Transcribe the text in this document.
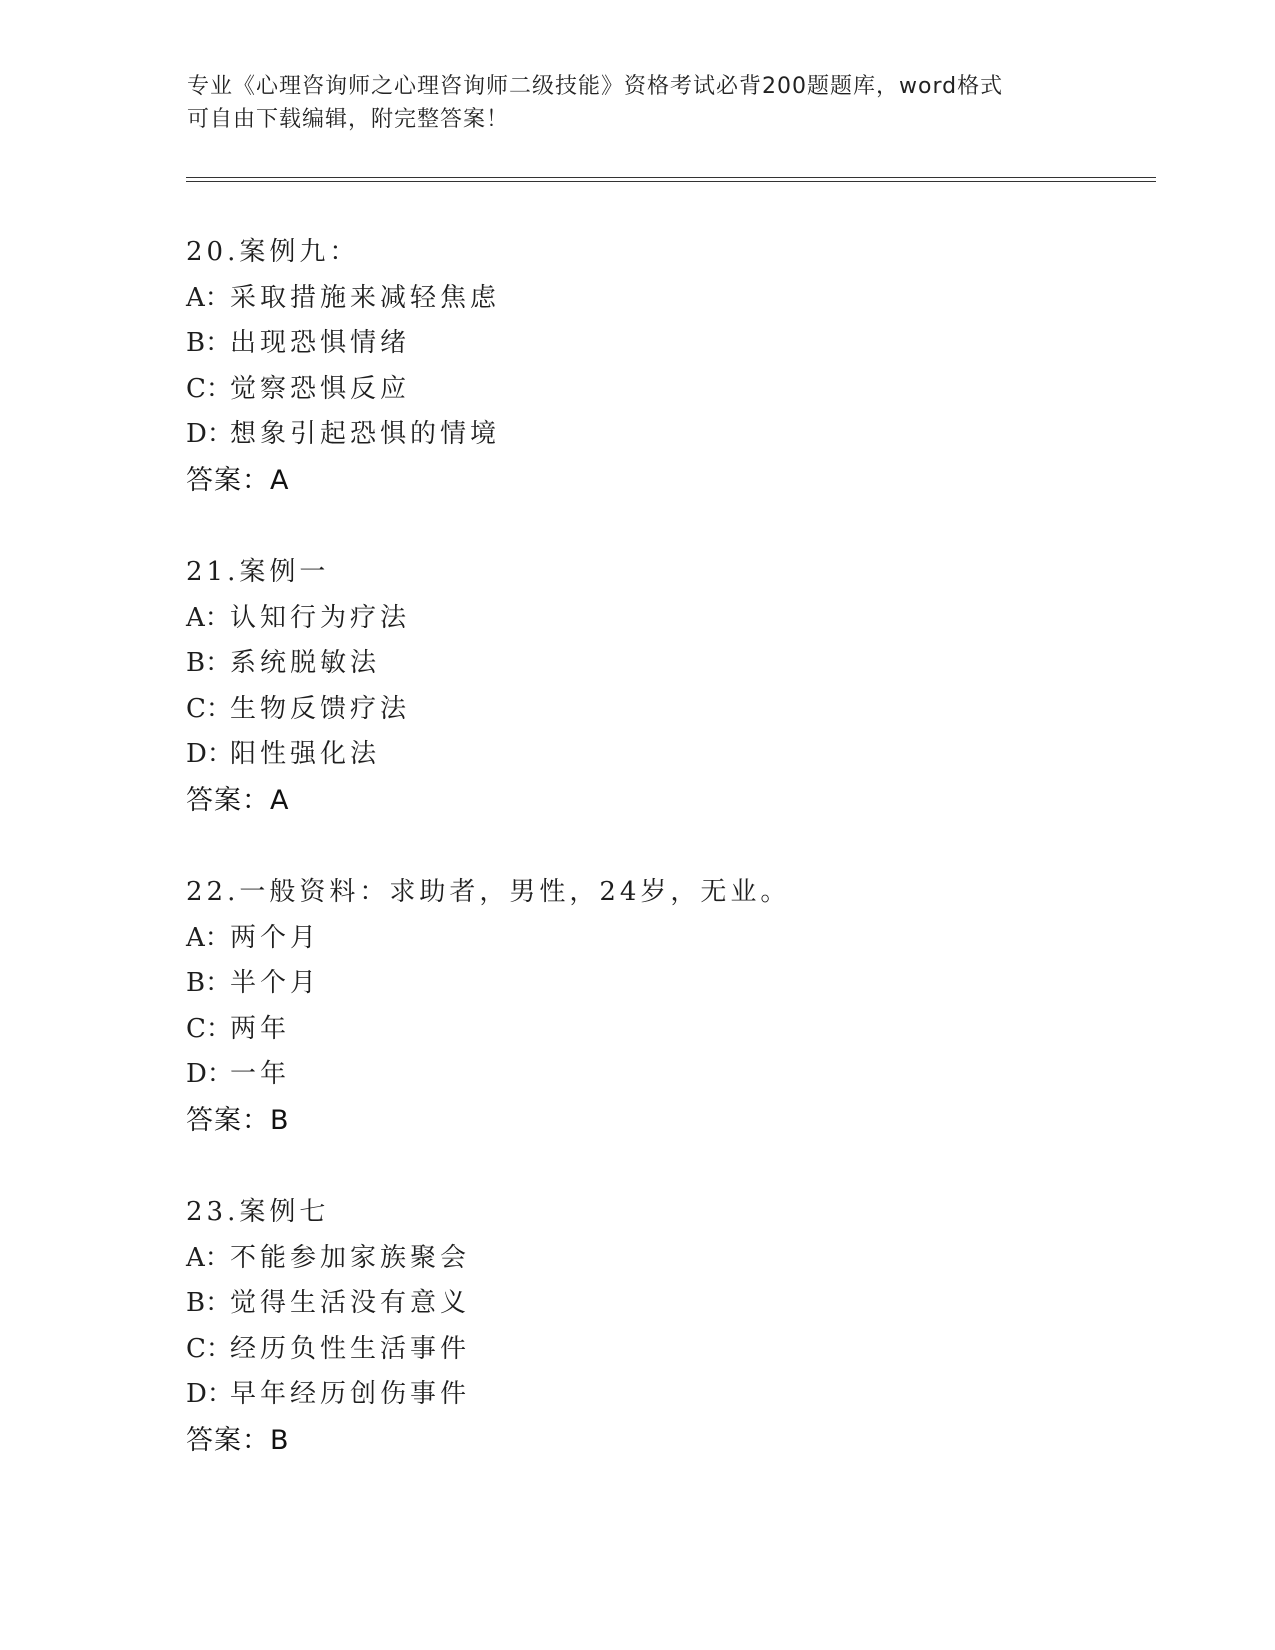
专业《心理咨询师之心理咨询师二级技能》资格考试必背200题题库，word格式
可自由下载编辑，附完整答案！
20.案例九：
A：采取措施来减轻焦虑
B：出现恐惧情绪
C：觉察恐惧反应
D：想象引起恐惧的情境
答案：A
21.案例一
A：认知行为疗法
B：系统脱敏法
C：生物反馈疗法
D：阳性强化法
答案：A
22.一般资料：求助者，男性，24岁，无业。
A：两个月
B：半个月
C：两年
D：一年
答案：B
23.案例七
A：不能参加家族聚会
B：觉得生活没有意义
C：经历负性生活事件
D：早年经历创伤事件
答案：B
